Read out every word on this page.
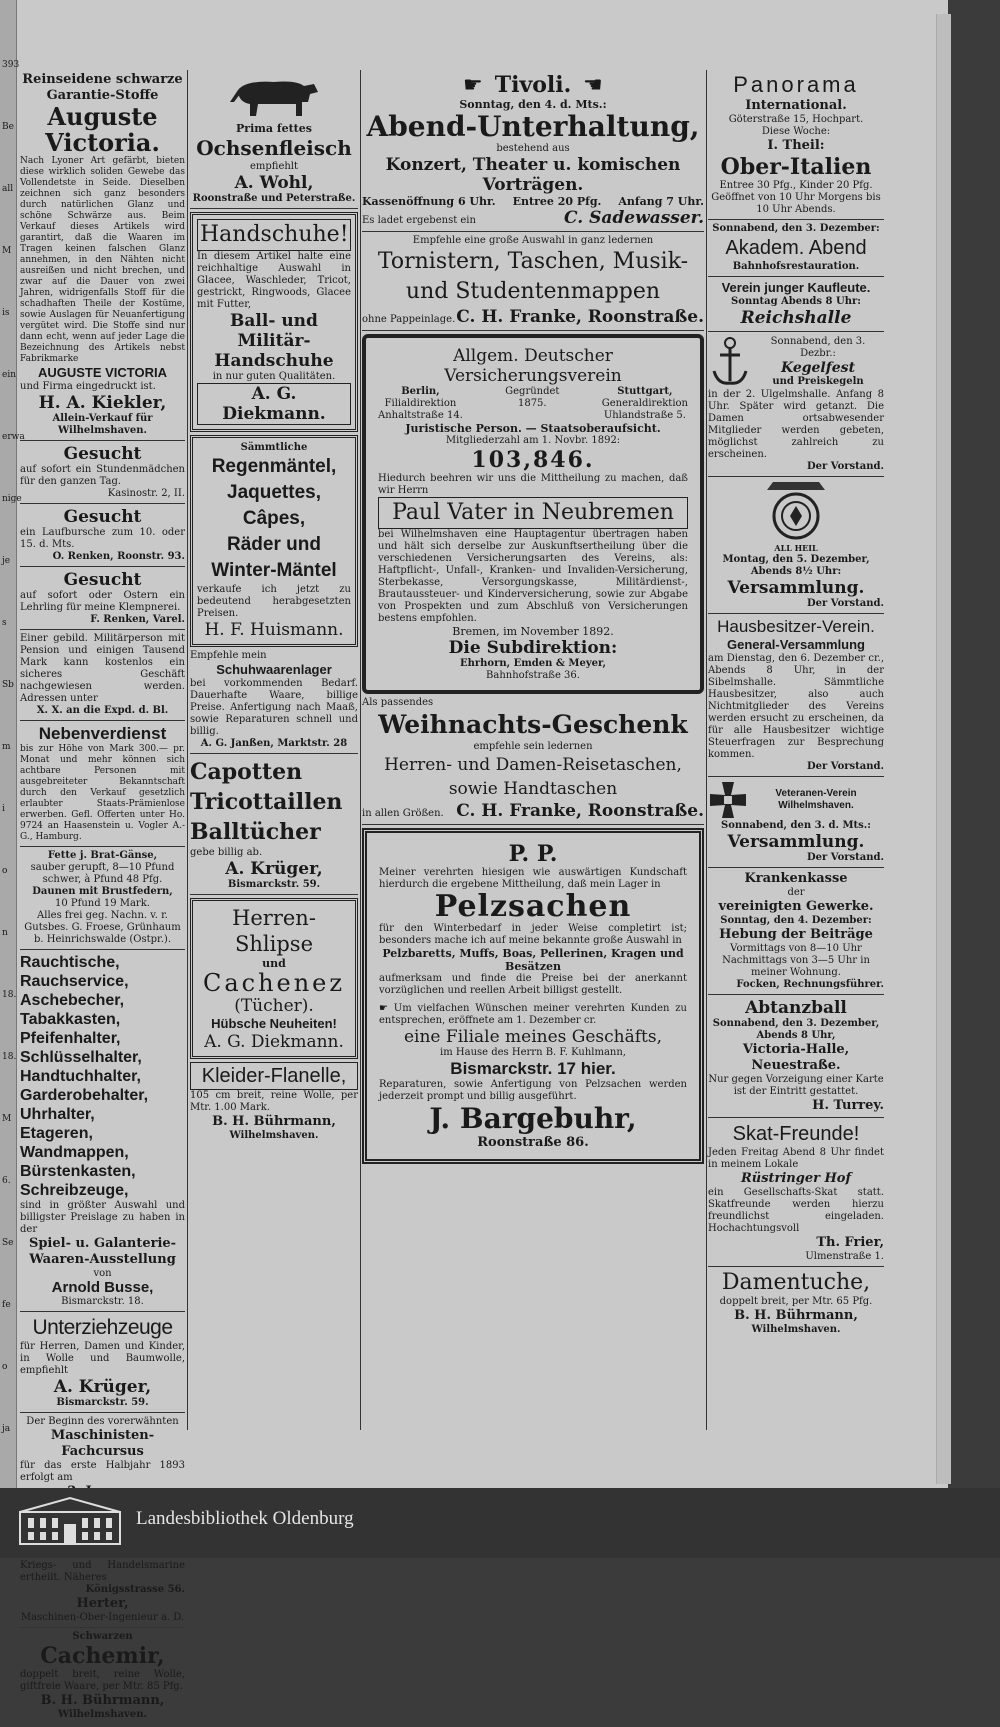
393
Be
all
M
is
ein
erwa
nige
je
s
Sb
m
i
o
n
18.
18.
M
6.
Se
fe
o
ja
Reinseidene schwarze Garantie-Stoffe
Auguste Victoria.
Nach Lyoner Art gefärbt, bieten diese wirklich soliden Gewebe das Vollendetste in Seide. Dieselben zeichnen sich ganz besonders durch natürlichen Glanz und schöne Schwärze aus. Beim Verkauf dieses Artikels wird garantirt, daß die Waaren im Tragen keinen falschen Glanz annehmen, in den Nähten nicht ausreißen und nicht brechen, und zwar auf die Dauer von zwei Jahren, widrigenfalls Stoff für die schadhaften Theile der Kostüme, sowie Auslagen für Neuanfertigung vergütet wird. Die Stoffe sind nur dann echt, wenn auf jeder Lage die Bezeichnung des Artikels nebst Fabrikmarke
AUGUSTE VICTORIA
und Firma eingedruckt ist.
H. A. Kiekler,
Allein-Verkauf für Wilhelmshaven.
Gesucht
auf sofort ein Stundenmädchen für den ganzen Tag.
Kasinostr. 2, II.
Gesucht
ein Laufbursche zum 10. oder 15. d. Mts.
O. Renken, Roonstr. 93.
Gesucht
auf sofort oder Ostern ein Lehrling für meine Klempnerei.
F. Renken, Varel.
Einer gebild. Militärperson mit Pension und einigen Tausend Mark kann kostenlos ein sicheres Geschäft nachgewiesen werden. Adressen unter
X. X. an die Expd. d. Bl.
Nebenverdienst
bis zur Höhe von Mark 300.— pr. Monat und mehr können sich achtbare Personen mit ausgebreiteter Bekanntschaft durch den Verkauf gesetzlich erlaubter Staats-Prämienlose erwerben. Gefl. Offerten unter Ho. 9724 an Haasenstein u. Vogler A.-G., Hamburg.
Fette j. Brat-Gänse,
sauber gerupft, 8—10 Pfund schwer, à Pfund 48 Pfg.
Daunen mit Brustfedern,
10 Pfund 19 Mark.
Alles frei geg. Nachn. v. r.
Gutsbes. G. Froese, Grünhaum b. Heinrichswalde (Ostpr.).
Rauchtische,
Rauchservice,
Aschebecher,
Tabakkasten,
Pfeifenhalter,
Schlüsselhalter,
Handtuchhalter,
Garderobehalter,
Uhrhalter,
Etageren,
Wandmappen,
Bürstenkasten,
Schreibzeuge,
sind in größter Auswahl und billigster Preislage zu haben in der
Spiel- u. Galanterie-Waaren-Ausstellung
von
Arnold Busse,
Bismarckstr. 18.
Unterziehzeuge
für Herren, Damen und Kinder, in Wolle und Baumwolle, empfiehlt
A. Krüger,
Bismarckstr. 59.
Der Beginn des vorerwähnten
Maschinisten-Fachcursus
für das erste Halbjahr 1893 erfolgt am
Kriegs- und Handelsmarine ertheilt. Näheres
Königsstrasse 56.
Herter,
Maschinen-Ober-Ingenieur a. D.
Schwarzen
Cachemir,
doppelt breit, reine Wolle, giftfreie Waare, per Mtr. 85 Pfg.
B. H. Bührmann,
Wilhelmshaven.
Prima fettes
Ochsenfleisch
empfiehlt
A. Wohl,
Roonstraße und Peterstraße.
Handschuhe!
In diesem Artikel halte eine reichhaltige Auswahl in Glacee, Waschleder, Tricot, gestrickt, Ringwoods, Glacee mit Futter,
Ball- und Militär-Handschuhe
in nur guten Qualitäten.
A. G. Diekmann.
Sämmtliche
Regenmäntel,
Jaquettes,
Câpes,
Räder und
Winter-Mäntel
verkaufe ich jetzt zu bedeutend herabgesetzten Preisen.
H. F. Huismann.
Empfehle mein
Schuhwaarenlager
bei vorkommenden Bedarf. Dauerhafte Waare, billige Preise. Anfertigung nach Maaß, sowie Reparaturen schnell und billig.
A. G. Janßen, Marktstr. 28
Capotten
Tricottaillen
Balltücher
gebe billig ab.
A. Krüger,
Bismarckstr. 59.
Herren-Shlipse
und
Cachenez
(Tücher).
Hübsche Neuheiten!
A. G. Diekmann.
Kleider-Flanelle,
105 cm breit, reine Wolle, per Mtr. 1.00 Mark.
B. H. Bührmann,
Wilhelmshaven.
☛ Tivoli. ☛
Sonntag, den 4. d. Mts.:
Abend-Unterhaltung,
bestehend aus
Konzert, Theater u. komischen Vorträgen.
Kassenöffnung 6 Uhr. Entree 20 Pfg. Anfang 7 Uhr.
Es ladet ergebenst ein	C. Sadewasser.
Empfehle eine große Auswahl in ganz ledernen
Tornistern, Taschen, Musik- und Studentenmappen
ohne Pappeinlage. C. H. Franke, Roonstraße.
Allgem. Deutscher Versicherungsverein
Berlin,
Filialdirektion
Anhaltstraße 14.
Gegründet
1875.
Stuttgart,
Generaldirektion
Uhlandstraße 5.
Juristische Person. — Staatsoberaufsicht.
Mitgliederzahl am 1. Novbr. 1892:
103,846.
Hiedurch beehren wir uns die Mittheilung zu machen, daß wir Herrn
Paul Vater in Neubremen
bei Wilhelmshaven eine Hauptagentur übertragen haben und hält sich derselbe zur Auskunftsertheilung über die verschiedenen Versicherungsarten des Vereins, als: Haftpflicht-, Unfall-, Kranken- und Invaliden-Versicherung, Sterbekasse, Versorgungskasse, Militärdienst-, Brautaussteuer- und Kinderversicherung, sowie zur Abgabe von Prospekten und zum Abschluß von Versicherungen bestens empfohlen.
Bremen, im November 1892.
Die Subdirektion:
Ehrhorn, Emden & Meyer,
Bahnhofstraße 36.
Als passendes
Weihnachts-Geschenk
empfehle sein ledernen
Herren- und Damen-Reisetaschen, sowie Handtaschen
in allen Größen. C. H. Franke, Roonstraße.
P. P.
Meiner verehrten hiesigen wie auswärtigen Kundschaft hierdurch die ergebene Mittheilung, daß mein Lager in
Pelzsachen
für den Winterbedarf in jeder Weise completirt ist; besonders mache ich auf meine bekannte große Auswahl in
Pelzbaretts, Muffs, Boas, Pellerinen, Kragen und Besätzen
aufmerksam und finde die Preise bei der anerkannt vorzüglichen und reellen Arbeit billigst gestellt.
☛ Um vielfachen Wünschen meiner verehrten Kunden zu entsprechen, eröffnete am 1. Dezember cr.
eine Filiale meines Geschäfts,
im Hause des Herrn B. F. Kuhlmann,
Bismarckstr. 17 hier.
Reparaturen, sowie Anfertigung von Pelzsachen werden jederzeit prompt und billig ausgeführt.
J. Bargebuhr,
Roonstraße 86.
Panorama
International.
Göterstraße 15, Hochpart.
Diese Woche:
I. Theil:
Ober-Italien
Entree 30 Pfg., Kinder 20 Pfg. Geöffnet von 10 Uhr Morgens bis 10 Uhr Abends.
Sonnabend, den 3. Dezember:
Akadem. Abend
Bahnhofsrestauration.
Verein junger Kaufleute.
Sonntag Abends 8 Uhr:
Reichshalle
Sonnabend, den 3. Dezbr.:
Kegelfest
und Preiskegeln
in der 2. Ulgelmshalle. Anfang 8 Uhr. Später wird getanzt. Die Damen ortsabwesender Mitglieder werden gebeten, möglichst zahlreich zu erscheinen.
Der Vorstand.
ALL HEIL
Montag, den 5. Dezember,
Abends 8½ Uhr:
Versammlung.
Der Vorstand.
Hausbesitzer-Verein.
General-Versammlung
am Dienstag, den 6. Dezember cr., Abends 8 Uhr, in der Sibelmshalle. Sämmtliche Hausbesitzer, also auch Nichtmitglieder des Vereins werden ersucht zu erscheinen, da für alle Hausbesitzer wichtige Steuerfragen zur Besprechung kommen.
Der Vorstand.
Veteranen-Verein
Wilhelmshaven.
Sonnabend, den 3. d. Mts.:
Versammlung.
Der Vorstand.
Krankenkasse
der
vereinigten Gewerke.
Sonntag, den 4. Dezember:
Hebung der Beiträge
Vormittags von 8—10 Uhr Nachmittags von 3—5 Uhr in meiner Wohnung.
Focken, Rechnungsführer.
Abtanzball
Sonnabend, den 3. Dezember, Abends 8 Uhr,
Victoria-Halle, Neuestraße.
Nur gegen Vorzeigung einer Karte ist der Eintritt gestattet.
H. Turrey.
Skat-Freunde!
Jeden Freitag Abend 8 Uhr findet in meinem Lokale
Rüstringer Hof
ein Gesellschafts-Skat statt. Skatfreunde werden hierzu freundlichst eingeladen. Hochachtungsvoll
Th. Frier,
Ulmenstraße 1.
Damentuche,
doppelt breit, per Mtr. 65 Pfg.
B. H. Bührmann,
Wilhelmshaven.
Landesbibliothek Oldenburg
